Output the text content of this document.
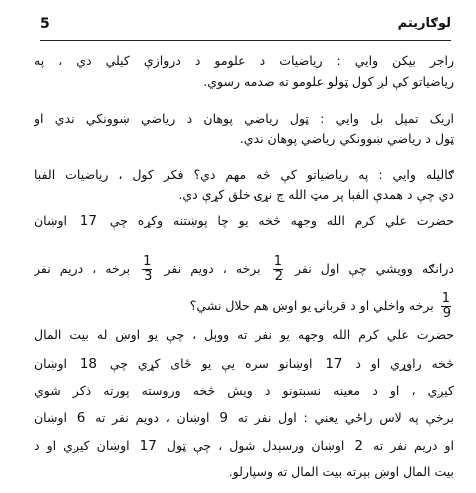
5	لوګاريتم
راجر بيکن وايي : رياضيات د علومو د دروازې کيلي دي ، په
رياضياتو کې لږ کول ټولو علومو ته صدمه رسوي.
اريک تمپل بل وايي : ټول رياضي پوهان د رياضي ښوونکي ندي او
ټول د رياضي ښوونکي رياضي پوهان ندي.
ګاليله وايي : په رياضياتو کې څه مهم دي؟ فکر کول ، رياضيات الفبا
دي چې د همدې الفبا پر مټ الله ج نړۍ خلق کړې دي.
حضرت علي کرم الله وجهه څخه يو چا پوښتنه وکړه چې 17 اوښان
درانګه وويشي چې اول نفر
$\frac{1}{2}$
برخه ، دويم نفر
$\frac{1}{3}$
برخه ، دريم نفر
$\frac{1}{9}$
برخه واخلي او د قربانۍ يو اوښ هم حلال نشي؟
حضرت علي کرم الله وجهه يو نفر ته ووېل ، چې يو اوښ له بيت المال
څخه راوړي او د 17 اوښانو سره يې يو ځای کړي چې 18 اوښان
کيږي ، او د معينه نسبتونو د ويش څخه وروسته پورته ذکر شوي
برخې په لاس راځي يعني : اول نفر ته 9 اوښان ، دويم نفر ته 6 اوښان
او دريم نفر ته 2 اوښان ورسېدل شول ، چې ټول 17 اوښان کيږي او د
بيت المال اوښ بېرته بيت المال ته وسپارلو.
